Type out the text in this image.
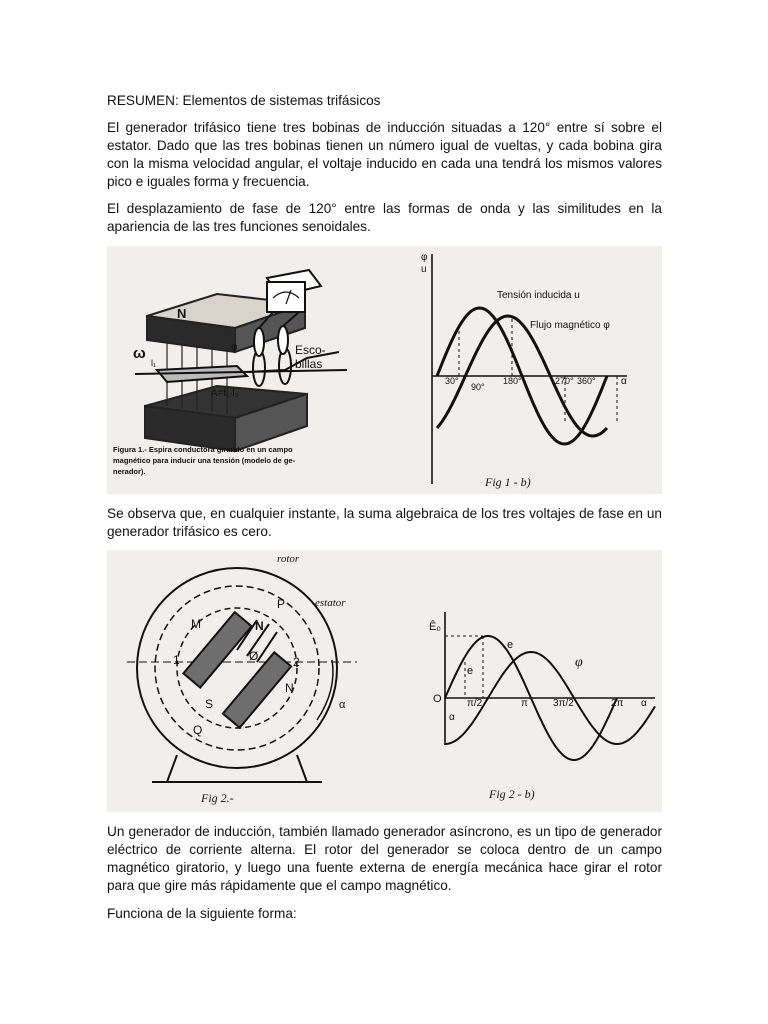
RESUMEN: Elementos de sistemas trifásicos

El generador trifásico tiene tres bobinas de inducción situadas a 120° entre sí sobre el estator. Dado que las tres bobinas tienen un número igual de vueltas, y cada bobina gira con la misma velocidad angular, el voltaje inducido en cada una tendrá los mismos valores pico e iguales forma y frecuencia.

El desplazamiento de fase de 120° entre las formas de onda y las similitudes en la apariencia de las tres funciones senoidales.

N
ω	φ	Esco-
billas
A=l₁·l₂
l₁
Figura 1.- Espira conductora girando en un campo
magnético para inducir una tensión (modelo de ge-
nerador).
φ
u
α
Tensión inducida u
Flujo magnético φ
30°
90°
180°	270° 360°
Fig 1 - b)

Se observa que, en cualquier instante, la suma algebraica de los tres voltajes de fase en un generador trifásico es cero.

rotor
estator
P
M	N
N
S
Q
Ø
1	2
α
Fig 2.-
Ê₀
e
e
φ
O
α
π/2	π	3π/2	2π α
Fig 2 - b)

Un generador de inducción, también llamado generador asíncrono, es un tipo de generador eléctrico de corriente alterna. El rotor del generador se coloca dentro de un campo magnético giratorio, y luego una fuente externa de energía mecánica hace girar el rotor para que gire más rápidamente que el campo magnético.

Funciona de la siguiente forma:
